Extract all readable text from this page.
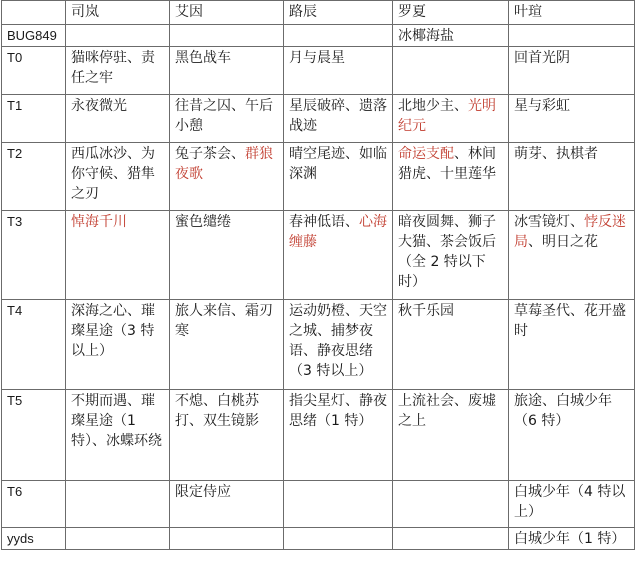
	司岚	艾因	路辰	罗夏	叶瑄
BUG849				冰椰海盐	
T0	猫咪停驻、责任之牢	黑色战车	月与晨星		回首光阴
T1	永夜微光	往昔之囚、午后小憩	星辰破碎、遗落战迹	北地少主、光明纪元	星与彩虹
T2	西瓜冰沙、为你守候、猎隼之刃	兔子茶会、群狼夜歌	晴空尾迹、如临深渊	命运支配、林间猎虎、十里莲华	萌芽、执棋者
T3	悼海千川	蜜色缱绻	春神低语、心海缠藤	暗夜圆舞、狮子大猫、茶会饭后（全 2 特以下时）	冰雪镜灯、悖反迷局、明日之花
T4	深海之心、璀璨星途（3 特以上）	旅人来信、霜刃寒	运动奶橙、天空之城、捕梦夜语、静夜思绪（3 特以上）	秋千乐园	草莓圣代、花开盛时
T5	不期而遇、璀璨星途（1 特）、冰蝶环绕	不熄、白桃苏打、双生镜影	指尖星灯、静夜思绪（1 特）	上流社会、废墟之上	旅途、白城少年（6 特）
T6		限定侍应			白城少年（4 特以上）
yyds					白城少年（1 特）
